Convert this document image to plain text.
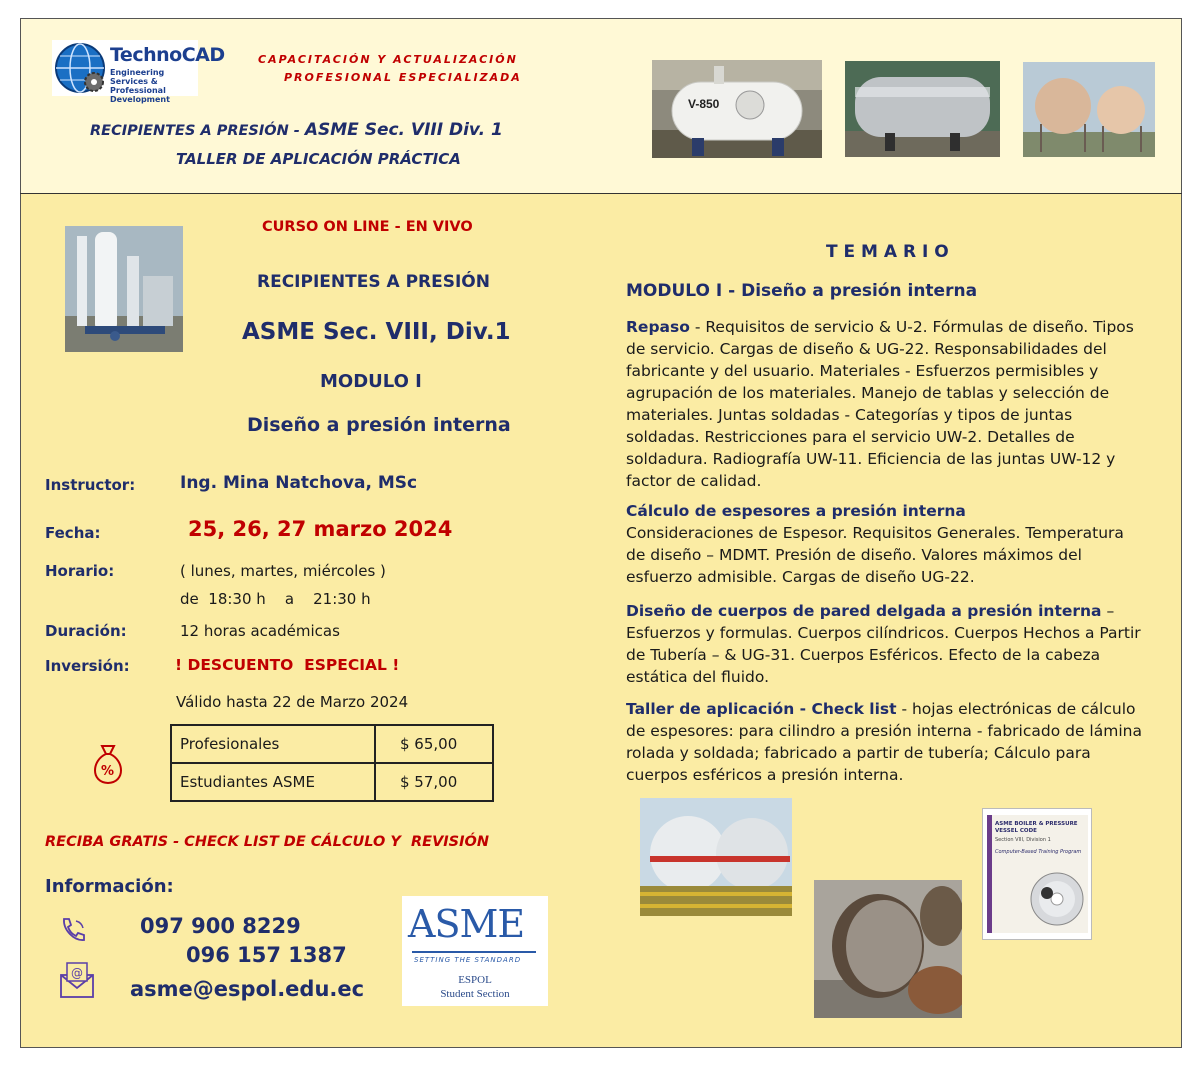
TechnoCAD
Engineering Services &
Professional Development
CAPACITACIÓN Y ACTUALIZACIÓN
PROFESIONAL ESPECIALIZADA
RECIPIENTES A PRESIÓN - ASME Sec. VIII Div. 1
TALLER DE APLICACIÓN PRÁCTICA
V-850
CURSO ON LINE - EN VIVO
RECIPIENTES A PRESIÓN
ASME Sec. VIII, Div.1
MODULO I
Diseño a presión interna
Instructor:	Ing. Mina Natchova, MSc
Fecha:	25, 26, 27 marzo 2024
Horario:	( lunes, martes, miércoles )
de  18:30 h    a    21:30 h
Duración:	12 horas académicas
Inversión:	! DESCUENTO  ESPECIAL !
Válido hasta 22 de Marzo 2024
%
Profesionales	$ 65,00
Estudiantes ASME	$ 57,00
RECIBA GRATIS - CHECK LIST DE CÁLCULO Y  REVISIÓN
Información:
097 900 8229
096 157 1387
@
asme@espol.edu.ec
ASME
SETTING THE STANDARD
ESPOL
Student Section
T E M A R I O
MODULO I - Diseño a presión interna
Repaso - Requisitos de servicio & U-2. Fórmulas de diseño. Tipos de servicio. Cargas de diseño & UG-22. Responsabilidades del fabricante y del usuario. Materiales - Esfuerzos permisibles y agrupación de los materiales. Manejo de tablas y selección de materiales. Juntas soldadas - Categorías y tipos de juntas soldadas. Restricciones para el servicio UW-2. Detalles de soldadura. Radiografía UW-11. Eficiencia de las juntas UW-12 y factor de calidad.
Cálculo de espesores a presión interna
Consideraciones de Espesor. Requisitos Generales. Temperatura de diseño – MDMT. Presión de diseño. Valores máximos del esfuerzo admisible. Cargas de diseño UG-22.
Diseño de cuerpos de pared delgada a presión interna – Esfuerzos y formulas. Cuerpos cilíndricos. Cuerpos Hechos a Partir de Tubería – & UG-31. Cuerpos Esféricos. Efecto de la cabeza estática del fluido.
Taller de aplicación - Check list - hojas electrónicas de cálculo de espesores: para cilindro a presión interna - fabricado de lámina rolada y soldada; fabricado a partir de tubería; Cálculo para cuerpos esféricos a presión interna.
ASME BOILER & PRESSURE VESSEL CODE
Section VIII, Division 1
Computer-Based Training Program
